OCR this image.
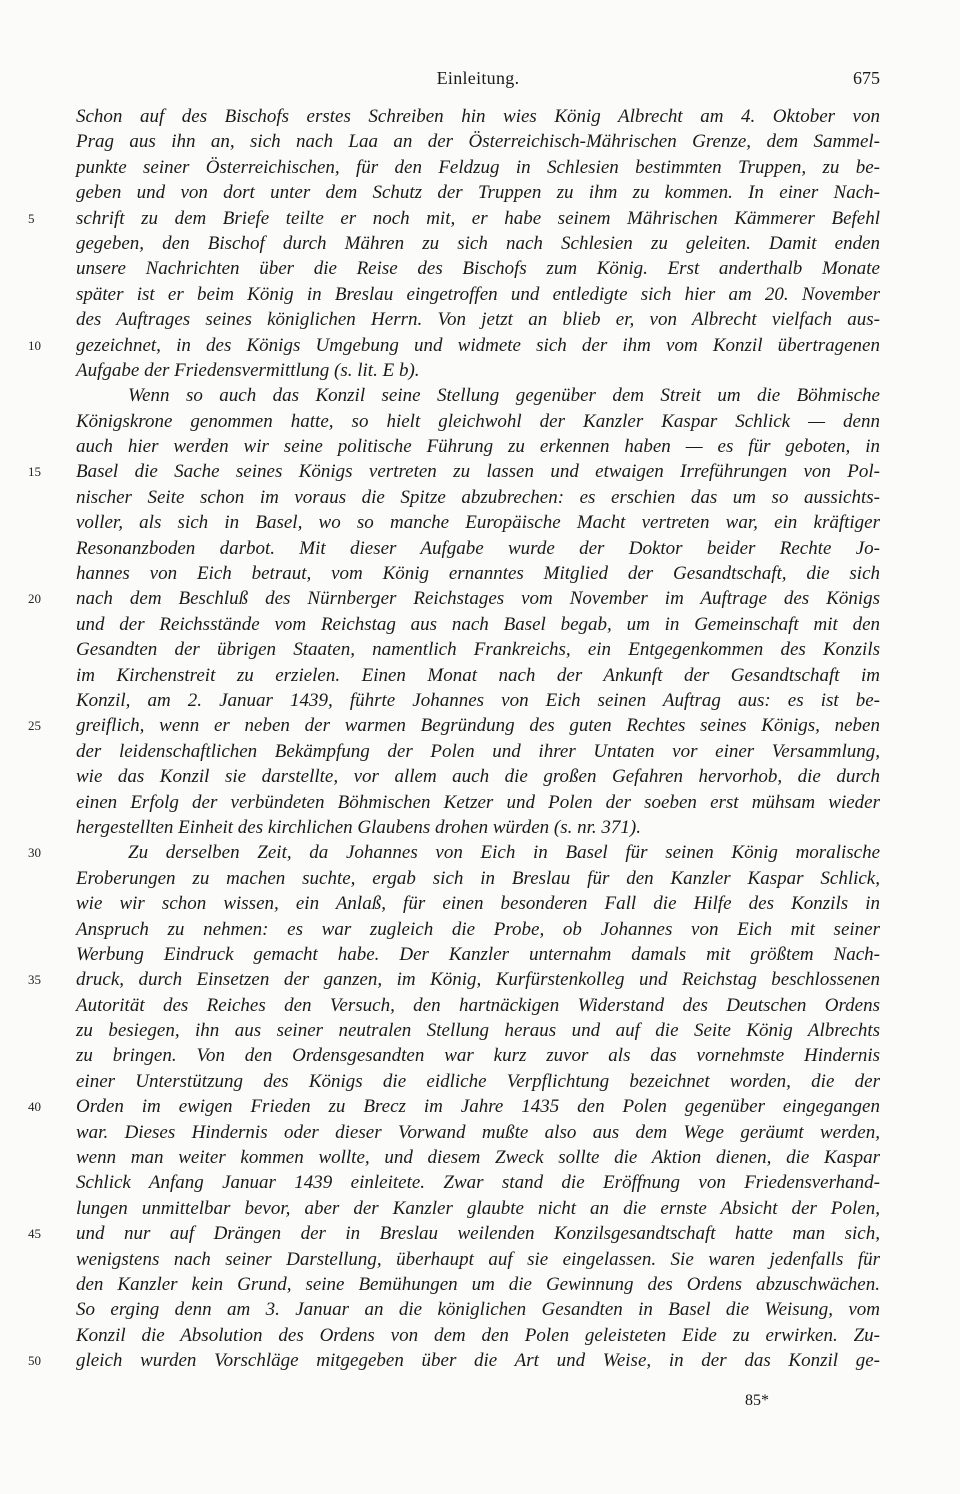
Einleitung.	675
Schon auf des Bischofs erstes Schreiben hin wies König Albrecht am 4. Oktober von
Prag aus ihn an, sich nach Laa an der Österreichisch-Mährischen Grenze, dem Sammel-
punkte seiner Österreichischen, für den Feldzug in Schlesien bestimmten Truppen, zu be-
geben und von dort unter dem Schutz der Truppen zu ihm zu kommen. In einer Nach-
5	schrift zu dem Briefe teilte er noch mit, er habe seinem Mährischen Kämmerer Befehl
gegeben, den Bischof durch Mähren zu sich nach Schlesien zu geleiten. Damit enden
unsere Nachrichten über die Reise des Bischofs zum König. Erst anderthalb Monate
später ist er beim König in Breslau eingetroffen und entledigte sich hier am 20. November
des Auftrages seines königlichen Herrn. Von jetzt an blieb er, von Albrecht vielfach aus-
10	gezeichnet, in des Königs Umgebung und widmete sich der ihm vom Konzil übertragenen
Aufgabe der Friedensvermittlung (s. lit. E b).
Wenn so auch das Konzil seine Stellung gegenüber dem Streit um die Böhmische
Königskrone genommen hatte, so hielt gleichwohl der Kanzler Kaspar Schlick — denn
auch hier werden wir seine politische Führung zu erkennen haben — es für geboten, in
15	Basel die Sache seines Königs vertreten zu lassen und etwaigen Irreführungen von Pol-
nischer Seite schon im voraus die Spitze abzubrechen: es erschien das um so aussichts-
voller, als sich in Basel, wo so manche Europäische Macht vertreten war, ein kräftiger
Resonanzboden darbot. Mit dieser Aufgabe wurde der Doktor beider Rechte Jo-
hannes von Eich betraut, vom König ernanntes Mitglied der Gesandtschaft, die sich
20	nach dem Beschluß des Nürnberger Reichstages vom November im Auftrage des Königs
und der Reichsstände vom Reichstag aus nach Basel begab, um in Gemeinschaft mit den
Gesandten der übrigen Staaten, namentlich Frankreichs, ein Entgegenkommen des Konzils
im Kirchenstreit zu erzielen. Einen Monat nach der Ankunft der Gesandtschaft im
Konzil, am 2. Januar 1439, führte Johannes von Eich seinen Auftrag aus: es ist be-
25	greiflich, wenn er neben der warmen Begründung des guten Rechtes seines Königs, neben
der leidenschaftlichen Bekämpfung der Polen und ihrer Untaten vor einer Versammlung,
wie das Konzil sie darstellte, vor allem auch die großen Gefahren hervorhob, die durch
einen Erfolg der verbündeten Böhmischen Ketzer und Polen der soeben erst mühsam wieder
hergestellten Einheit des kirchlichen Glaubens drohen würden (s. nr. 371).
30	Zu derselben Zeit, da Johannes von Eich in Basel für seinen König moralische
Eroberungen zu machen suchte, ergab sich in Breslau für den Kanzler Kaspar Schlick,
wie wir schon wissen, ein Anlaß, für einen besonderen Fall die Hilfe des Konzils in
Anspruch zu nehmen: es war zugleich die Probe, ob Johannes von Eich mit seiner
Werbung Eindruck gemacht habe. Der Kanzler unternahm damals mit größtem Nach-
35	druck, durch Einsetzen der ganzen, im König, Kurfürstenkolleg und Reichstag beschlossenen
Autorität des Reiches den Versuch, den hartnäckigen Widerstand des Deutschen Ordens
zu besiegen, ihn aus seiner neutralen Stellung heraus und auf die Seite König Albrechts
zu bringen. Von den Ordensgesandten war kurz zuvor als das vornehmste Hindernis
einer Unterstützung des Königs die eidliche Verpflichtung bezeichnet worden, die der
40	Orden im ewigen Frieden zu Brecz im Jahre 1435 den Polen gegenüber eingegangen
war. Dieses Hindernis oder dieser Vorwand mußte also aus dem Wege geräumt werden,
wenn man weiter kommen wollte, und diesem Zweck sollte die Aktion dienen, die Kaspar
Schlick Anfang Januar 1439 einleitete. Zwar stand die Eröffnung von Friedensverhand-
lungen unmittelbar bevor, aber der Kanzler glaubte nicht an die ernste Absicht der Polen,
45	und nur auf Drängen der in Breslau weilenden Konzilsgesandtschaft hatte man sich,
wenigstens nach seiner Darstellung, überhaupt auf sie eingelassen. Sie waren jedenfalls für
den Kanzler kein Grund, seine Bemühungen um die Gewinnung des Ordens abzuschwächen.
So erging denn am 3. Januar an die königlichen Gesandten in Basel die Weisung, vom
Konzil die Absolution des Ordens von dem den Polen geleisteten Eide zu erwirken. Zu-
50	gleich wurden Vorschläge mitgegeben über die Art und Weise, in der das Konzil ge-
85*
